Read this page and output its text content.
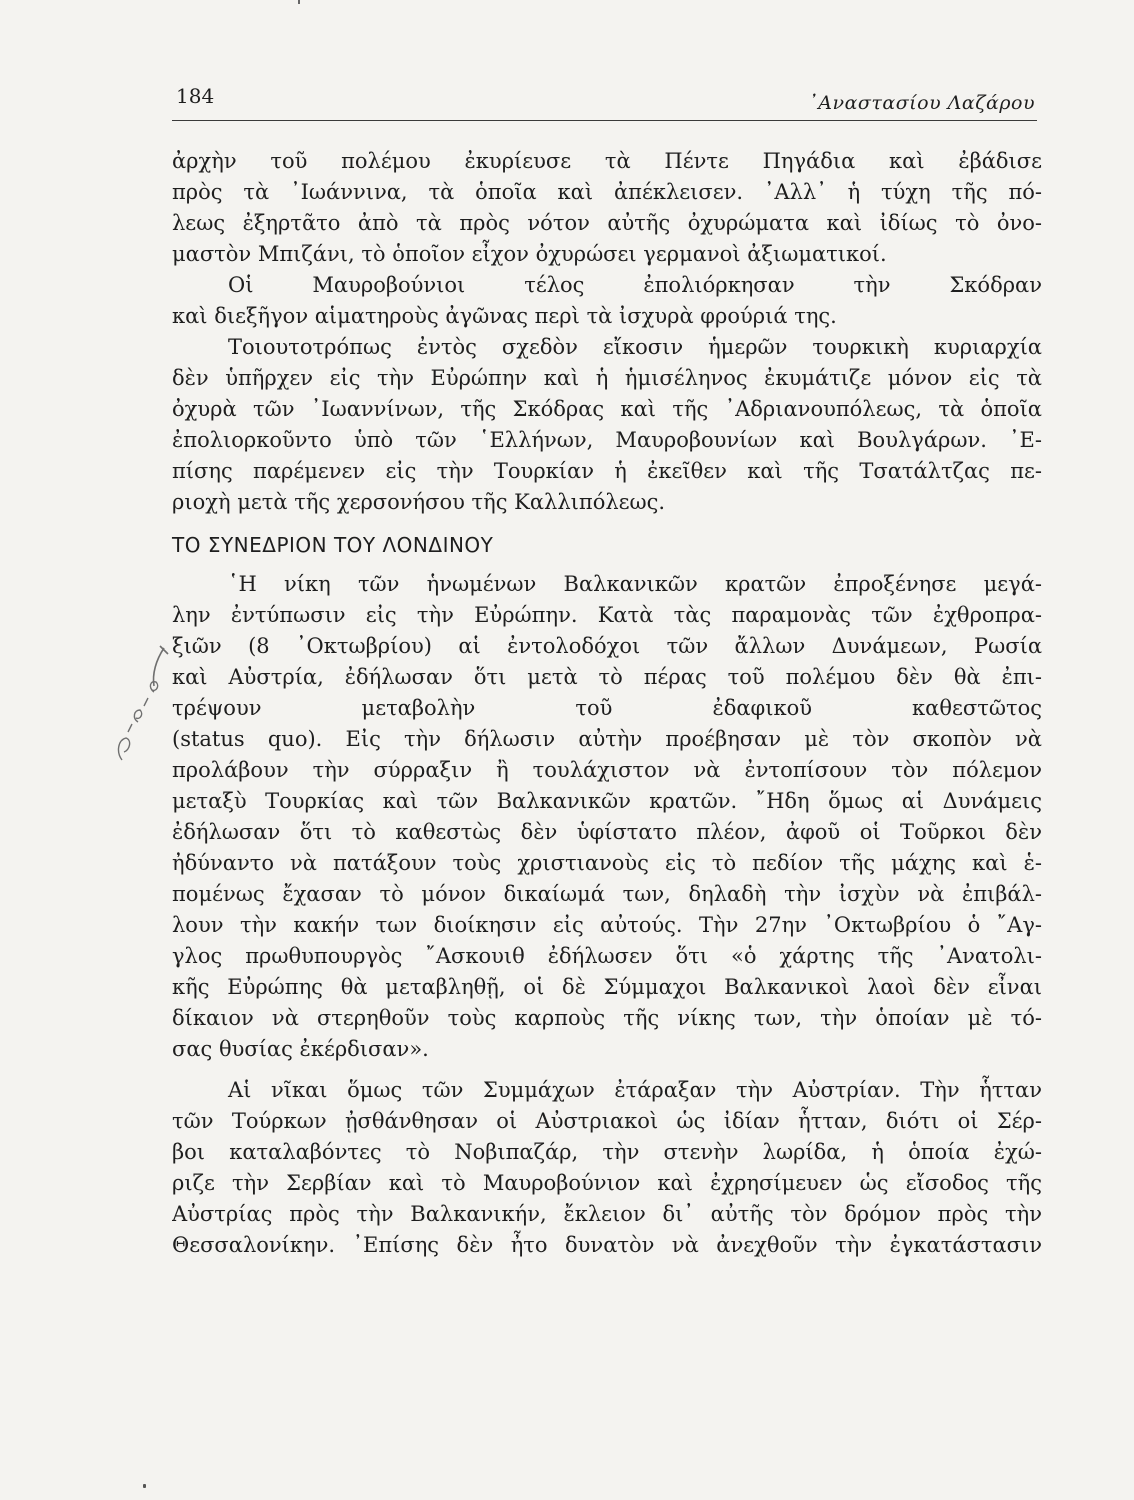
184	᾿Αναστασίου Λαζάρου
ἀρχὴν τοῦ πολέμου ἐκυρίευσε τὰ Πέντε Πηγάδια καὶ ἐβάδισε
πρὸς τὰ ᾿Ιωάννινα, τὰ ὁποῖα καὶ ἀπέκλεισεν. ᾿Αλλ᾿ ἡ τύχη τῆς πό-
λεως ἐξηρτᾶτο ἀπὸ τὰ πρὸς νότον αὐτῆς ὀχυρώματα καὶ ἰδίως τὸ ὀνο-
μαστὸν Μπιζάνι, τὸ ὁποῖον εἶχον ὀχυρώσει γερμανοὶ ἀξιωματικοί.
Οἱ Μαυροβούνιοι τέλος ἐπολιόρκησαν τὴν Σκόδραν
καὶ διεξῆγον αἱματηροὺς ἀγῶνας περὶ τὰ ἰσχυρὰ φρούριά της.
Τοιουτοτρόπως ἐντὸς σχεδὸν εἴκοσιν ἡμερῶν τουρκικὴ κυριαρχία
δὲν ὑπῆρχεν εἰς τὴν Εὐρώπην καὶ ἡ ἡμισέληνος ἐκυμάτιζε μόνον εἰς τὰ
ὀχυρὰ τῶν ᾿Ιωαννίνων, τῆς Σκόδρας καὶ τῆς ᾿Αδριανουπόλεως, τὰ ὁποῖα
ἐπολιορκοῦντο ὑπὸ τῶν ῾Ελλήνων, Μαυροβουνίων καὶ Βουλγάρων. ᾿Ε-
πίσης παρέμενεν εἰς τὴν Τουρκίαν ἡ ἐκεῖθεν καὶ τῆς Τσατάλτζας πε-
ριοχὴ μετὰ τῆς χερσονήσου τῆς Καλλιπόλεως.
ΤΟ ΣΥΝΕΔΡΙΟΝ ΤΟΥ ΛΟΝΔΙΝΟΥ
῾Η νίκη τῶν ἡνωμένων Βαλκανικῶν κρατῶν ἐπροξένησε μεγά-
λην ἐντύπωσιν εἰς τὴν Εὐρώπην. Κατὰ τὰς παραμονὰς τῶν ἐχθροπρα-
ξιῶν (8 ᾿Οκτωβρίου) αἱ ἐντολοδόχοι τῶν ἄλλων Δυνάμεων, Ρωσία
καὶ Αὐστρία, ἐδήλωσαν ὅτι μετὰ τὸ πέρας τοῦ πολέμου δὲν θὰ ἐπι-
τρέψουν μεταβολὴν τοῦ ἐδαφικοῦ καθεστῶτος
(status quo). Εἰς τὴν δήλωσιν αὐτὴν προέβησαν μὲ τὸν σκοπὸν νὰ
προλάβουν τὴν σύρραξιν ἢ τουλάχιστον νὰ ἐντοπίσουν τὸν πόλεμον
μεταξὺ Τουρκίας καὶ τῶν Βαλκανικῶν κρατῶν. ῎Ηδη ὅμως αἱ Δυνάμεις
ἐδήλωσαν ὅτι τὸ καθεστὼς δὲν ὑφίστατο πλέον, ἀφοῦ οἱ Τοῦρκοι δὲν
ἠδύναντο νὰ πατάξουν τοὺς χριστιανοὺς εἰς τὸ πεδίον τῆς μάχης καὶ ἑ-
πομένως ἔχασαν τὸ μόνον δικαίωμά των, δηλαδὴ τὴν ἰσχὺν νὰ ἐπιβάλ-
λουν τὴν κακήν των διοίκησιν εἰς αὐτούς. Τὴν 27ην ᾿Οκτωβρίου ὁ ῎Αγ-
γλος πρωθυπουργὸς ῎Ασκουιθ ἐδήλωσεν ὅτι «ὁ χάρτης τῆς ᾿Ανατολι-
κῆς Εὐρώπης θὰ μεταβληθῇ, οἱ δὲ Σύμμαχοι Βαλκανικοὶ λαοὶ δὲν εἶναι
δίκαιον νὰ στερηθοῦν τοὺς καρποὺς τῆς νίκης των, τὴν ὁποίαν μὲ τό-
σας θυσίας ἐκέρδισαν».
Αἱ νῖκαι ὅμως τῶν Συμμάχων ἐτάραξαν τὴν Αὐστρίαν. Τὴν ἧτταν
τῶν Τούρκων ᾐσθάνθησαν οἱ Αὐστριακοὶ ὡς ἰδίαν ἧτταν, διότι οἱ Σέρ-
βοι καταλαβόντες τὸ Νοβιπαζάρ, τὴν στενὴν λωρίδα, ἡ ὁποία ἐχώ-
ριζε τὴν Σερβίαν καὶ τὸ Μαυροβούνιον καὶ ἐχρησίμευεν ὡς εἴσοδος τῆς
Αὐστρίας πρὸς τὴν Βαλκανικήν, ἔκλειον δι᾿ αὐτῆς τὸν δρόμον πρὸς τὴν
Θεσσαλονίκην. ᾿Επίσης δὲν ἦτο δυνατὸν νὰ ἀνεχθοῦν τὴν ἐγκατάστασιν
